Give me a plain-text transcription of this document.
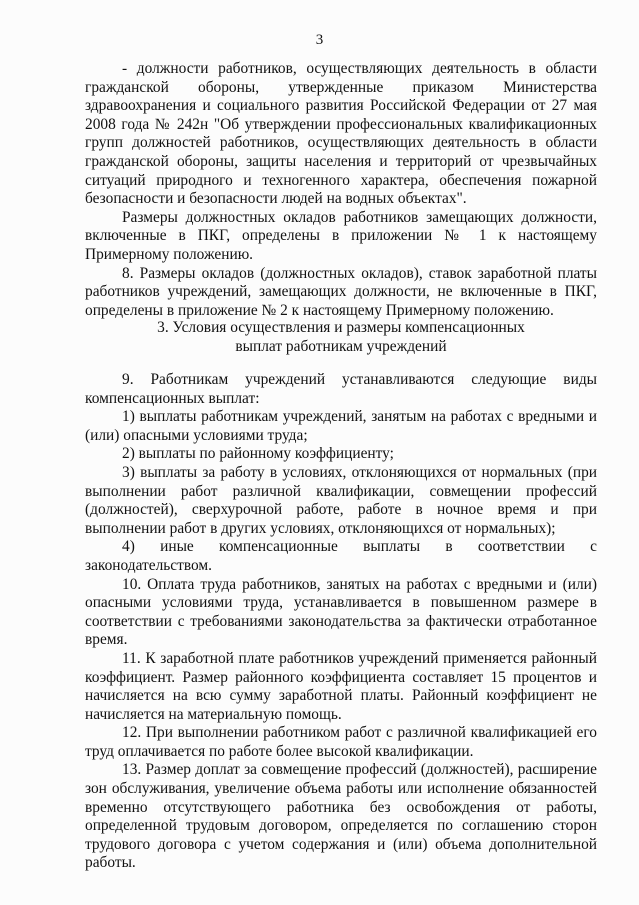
3

- должности работников, осуществляющих деятельность в области гражданской обороны, утвержденные приказом Министерства здравоохранения и социального развития Российской Федерации от 27 мая 2008 года № 242н "Об утверждении профессиональных квалификационных групп должностей работников, осуществляющих деятельность в области гражданской обороны, защиты населения и территорий от чрезвычайных ситуаций природного и техногенного характера, обеспечения пожарной безопасности и безопасности людей на водных объектах".

Размеры должностных окладов работников замещающих должности, включенные в ПКГ, определены в приложении № 1 к настоящему Примерному положению.

8. Размеры окладов (должностных окладов), ставок заработной платы работников учреждений, замещающих должности, не включенные в ПКГ, определены в приложение № 2 к настоящему Примерному положению.

3. Условия осуществления и размеры компенсационных
выплат работникам учреждений

9. Работникам учреждений устанавливаются следующие виды компенсационных выплат:

1) выплаты работникам учреждений, занятым на работах с вредными и (или) опасными условиями труда;

2) выплаты по районному коэффициенту;

3) выплаты за работу в условиях, отклоняющихся от нормальных (при выполнении работ различной квалификации, совмещении профессий (должностей), сверхурочной работе, работе в ночное время и при выполнении работ в других условиях, отклоняющихся от нормальных);

4) иные компенсационные выплаты в соответствии с законодательством.

10. Оплата труда работников, занятых на работах с вредными и (или) опасными условиями труда, устанавливается в повышенном размере в соответствии с требованиями законодательства за фактически отработанное время.

11. К заработной плате работников учреждений применяется районный коэффициент. Размер районного коэффициента составляет 15 процентов и начисляется на всю сумму заработной платы. Районный коэффициент не начисляется на материальную помощь.

12. При выполнении работником работ с различной квалификацией его труд оплачивается по работе более высокой квалификации.

13. Размер доплат за совмещение профессий (должностей), расширение зон обслуживания, увеличение объема работы или исполнение обязанностей временно отсутствующего работника без освобождения от работы, определенной трудовым договором, определяется по соглашению сторон трудового договора с учетом содержания и (или) объема дополнительной работы.
